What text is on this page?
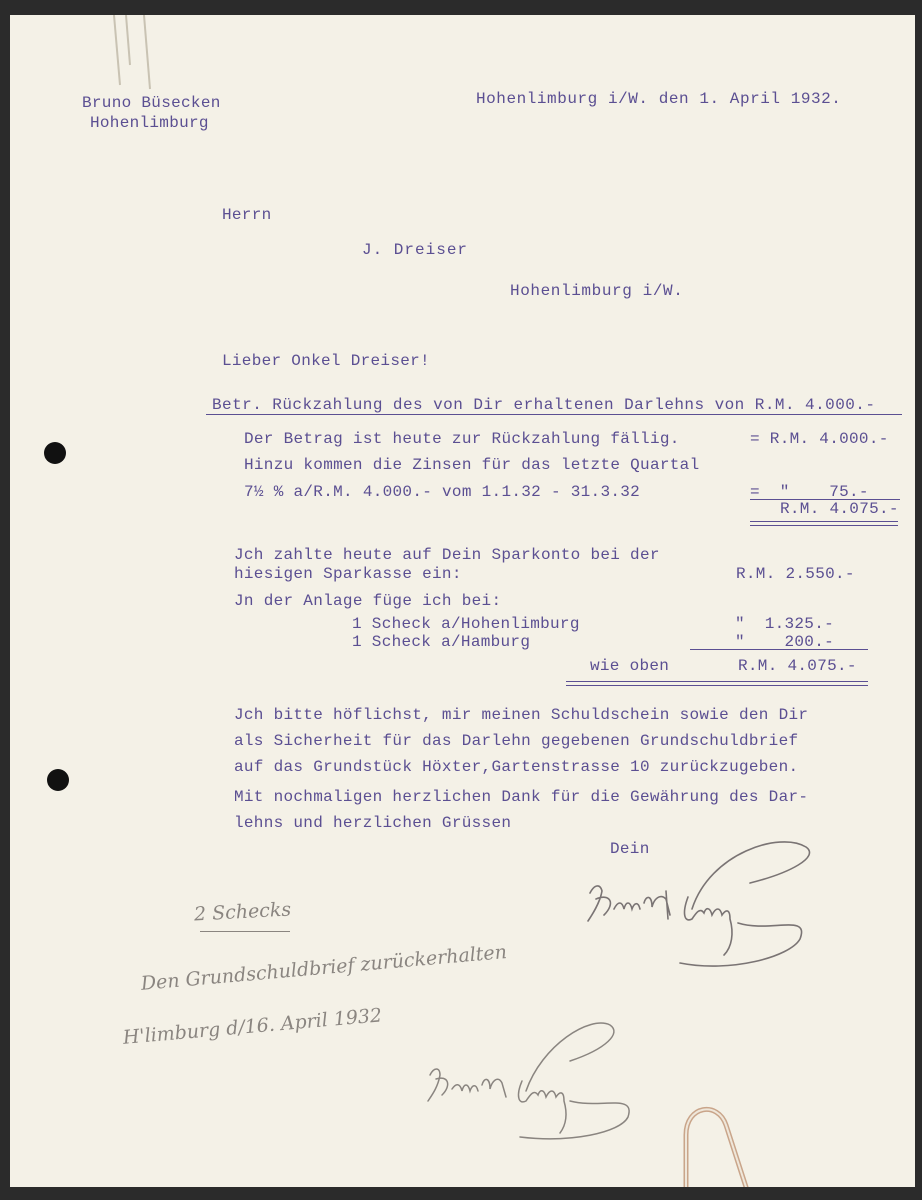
Bruno Büsecken
Hohenlimburg
Hohenlimburg i/W. den 1. April 1932.
Herrn
J. Dreiser
Hohenlimburg i/W.
Lieber Onkel Dreiser!
Betr. Rückzahlung des von Dir erhaltenen Darlehns von R.M. 4.000.-
Der Betrag ist heute zur Rückzahlung fällig.	= R.M. 4.000.-
Hinzu kommen die Zinsen für das letzte Quartal
7½ % a/R.M. 4.000.- vom 1.1.32 - 31.3.32	=  "    75.-
R.M. 4.075.-
Jch zahlte heute auf Dein Sparkonto bei der
hiesigen Sparkasse ein:	R.M. 2.550.-
Jn der Anlage füge ich bei:
1 Scheck a/Hohenlimburg	"  1.325.-
1 Scheck a/Hamburg	"    200.-
wie oben	R.M. 4.075.-
Jch bitte höflichst, mir meinen Schuldschein sowie den Dir
als Sicherheit für das Darlehn gegebenen Grundschuldbrief
auf das Grundstück Höxter,Gartenstrasse 10 zurückzugeben.
Mit nochmaligen herzlichen Dank für die Gewährung des Dar-
lehns und herzlichen Grüssen
Dein
2 Schecks
Den Grundschuldbrief zurückerhalten
H'limburg d/16. April 1932
